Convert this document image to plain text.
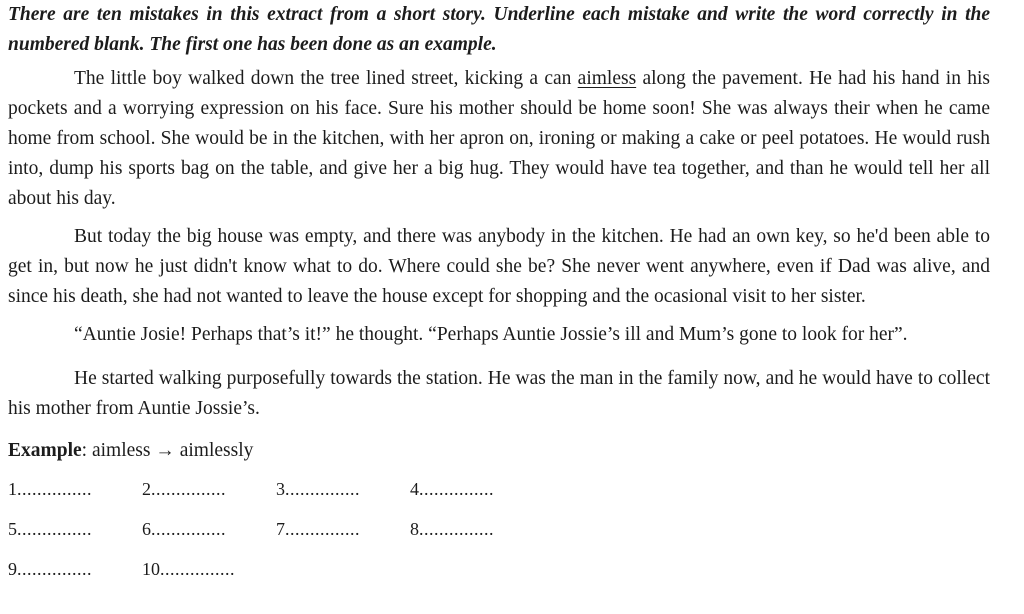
There are ten mistakes in this extract from a short story. Underline each mistake and write the word correctly in the numbered blank. The first one has been done as an example.

The little boy walked down the tree lined street, kicking a can aimless along the pavement. He had his hand in his pockets and a worrying expression on his face. Sure his mother should be home soon! She was always their when he came home from school. She would be in the kitchen, with her apron on, ironing or making a cake or peel potatoes. He would rush into, dump his sports bag on the table, and give her a big hug. They would have tea together, and than he would tell her all about his day.

But today the big house was empty, and there was anybody in the kitchen. He had an own key, so he'd been able to get in, but now he just didn't know what to do. Where could she be? She never went anywhere, even if Dad was alive, and since his death, she had not wanted to leave the house except for shopping and the ocasional visit to her sister.

“Auntie Josie! Perhaps that’s it!” he thought. “Perhaps Auntie Jossie’s ill and Mum’s gone to look for her”.

He started walking purposefully towards the station. He was the man in the family now, and he would have to collect his mother from Auntie Jossie’s.

Example: aimless → aimlessly

1...............	2...............	3...............	4...............
5...............	6...............	7...............	8...............
9...............	10...............
